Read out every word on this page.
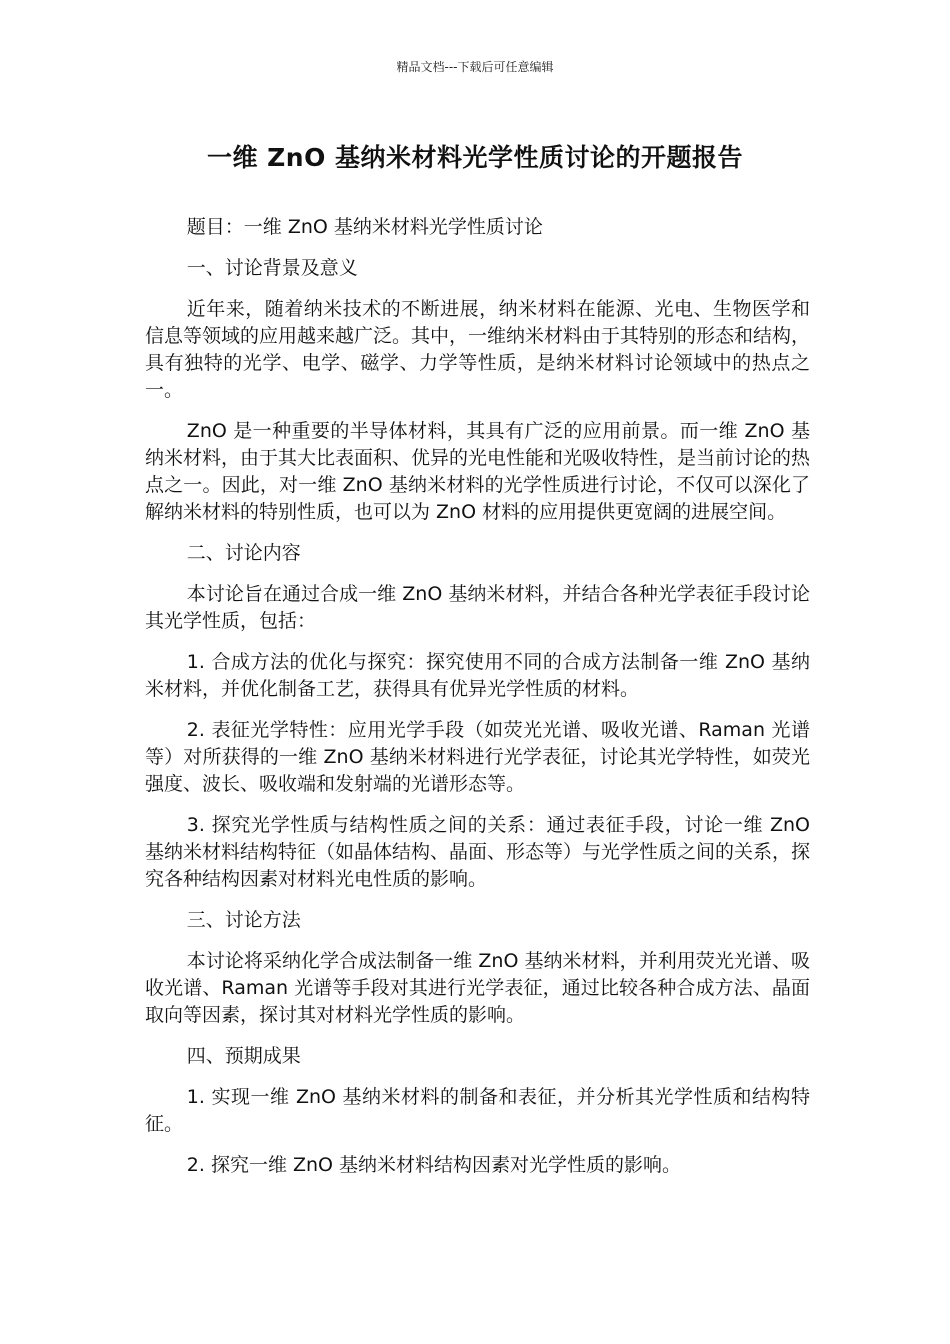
精品文档---下载后可任意编辑
一维 ZnO 基纳米材料光学性质讨论的开题报告
题目：一维 ZnO 基纳米材料光学性质讨论
一、讨论背景及意义
近年来，随着纳米技术的不断进展，纳米材料在能源、光电、生物医学和信息等领域的应用越来越广泛。其中，一维纳米材料由于其特别的形态和结构，具有独特的光学、电学、磁学、力学等性质，是纳米材料讨论领域中的热点之一。
ZnO 是一种重要的半导体材料，其具有广泛的应用前景。而一维 ZnO 基纳米材料，由于其大比表面积、优异的光电性能和光吸收特性，是当前讨论的热点之一。因此，对一维 ZnO 基纳米材料的光学性质进行讨论，不仅可以深化了解纳米材料的特别性质，也可以为 ZnO 材料的应用提供更宽阔的进展空间。
二、讨论内容
本讨论旨在通过合成一维 ZnO 基纳米材料，并结合各种光学表征手段讨论其光学性质，包括：
1. 合成方法的优化与探究：探究使用不同的合成方法制备一维 ZnO 基纳米材料，并优化制备工艺，获得具有优异光学性质的材料。
2. 表征光学特性：应用光学手段（如荧光光谱、吸收光谱、Raman 光谱等）对所获得的一维 ZnO 基纳米材料进行光学表征，讨论其光学特性，如荧光强度、波长、吸收端和发射端的光谱形态等。
3. 探究光学性质与结构性质之间的关系：通过表征手段，讨论一维 ZnO 基纳米材料结构特征（如晶体结构、晶面、形态等）与光学性质之间的关系，探究各种结构因素对材料光电性质的影响。
三、讨论方法
本讨论将采纳化学合成法制备一维 ZnO 基纳米材料，并利用荧光光谱、吸收光谱、Raman 光谱等手段对其进行光学表征，通过比较各种合成方法、晶面取向等因素，探讨其对材料光学性质的影响。
四、预期成果
1. 实现一维 ZnO 基纳米材料的制备和表征，并分析其光学性质和结构特征。
2. 探究一维 ZnO 基纳米材料结构因素对光学性质的影响。
